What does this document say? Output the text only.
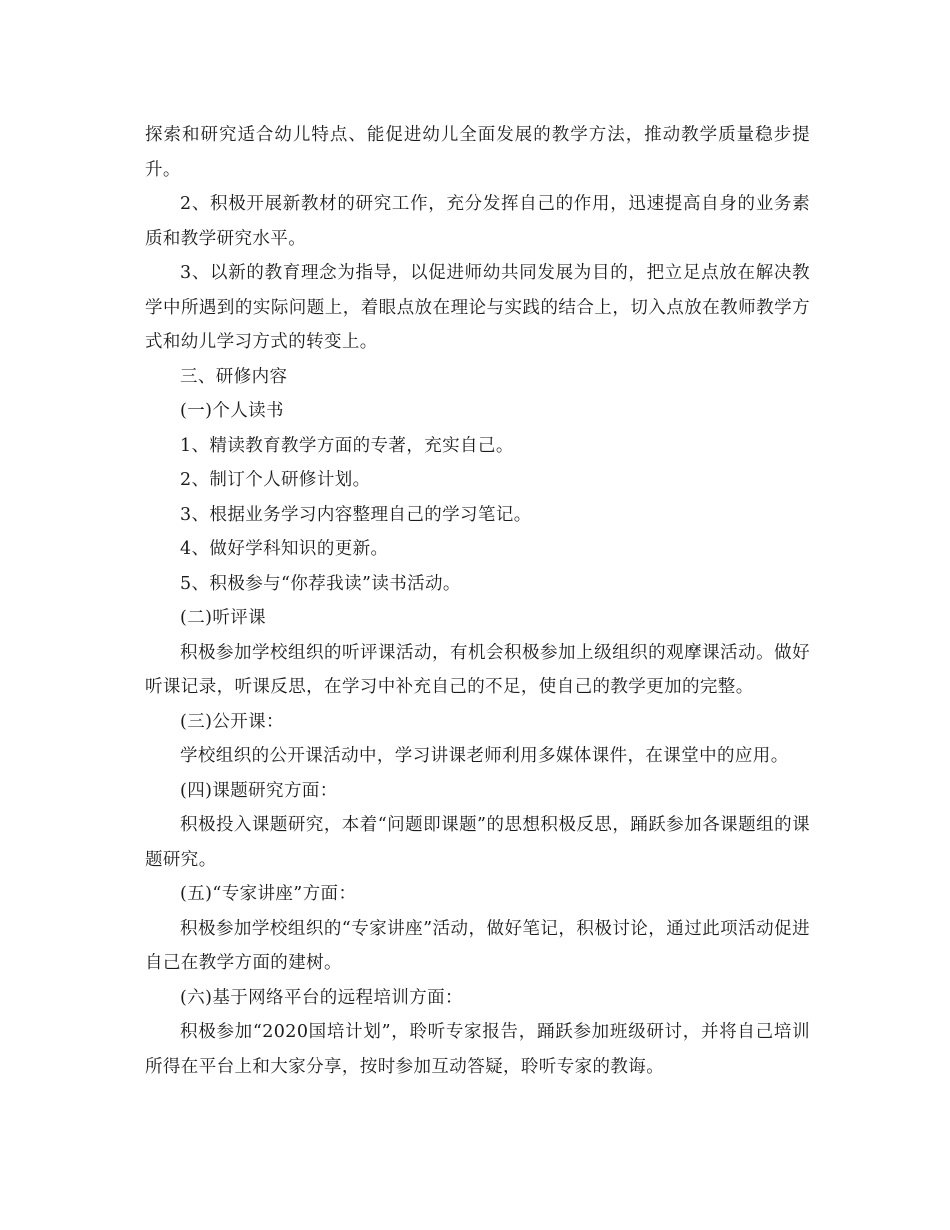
探索和研究适合幼儿特点、能促进幼儿全面发展的教学方法，推动教学质量稳步提升。

2、积极开展新教材的研究工作，充分发挥自己的作用，迅速提高自身的业务素质和教学研究水平。

3、以新的教育理念为指导，以促进师幼共同发展为目的，把立足点放在解决教学中所遇到的实际问题上，着眼点放在理论与实践的结合上，切入点放在教师教学方式和幼儿学习方式的转变上。

三、研修内容

(一)个人读书

1、精读教育教学方面的专著，充实自己。

2、制订个人研修计划。

3、根据业务学习内容整理自己的学习笔记。

4、做好学科知识的更新。

5、积极参与“你荐我读”读书活动。

(二)听评课

积极参加学校组织的听评课活动，有机会积极参加上级组织的观摩课活动。做好听课记录，听课反思，在学习中补充自己的不足，使自己的教学更加的完整。

(三)公开课：

学校组织的公开课活动中，学习讲课老师利用多媒体课件，在课堂中的应用。

(四)课题研究方面：

积极投入课题研究，本着“问题即课题”的思想积极反思，踊跃参加各课题组的课题研究。

(五)“专家讲座”方面：

积极参加学校组织的“专家讲座”活动，做好笔记，积极讨论，通过此项活动促进自己在教学方面的建树。

(六)基于网络平台的远程培训方面：

积极参加“2020国培计划”，聆听专家报告，踊跃参加班级研讨，并将自己培训所得在平台上和大家分享，按时参加互动答疑，聆听专家的教诲。
